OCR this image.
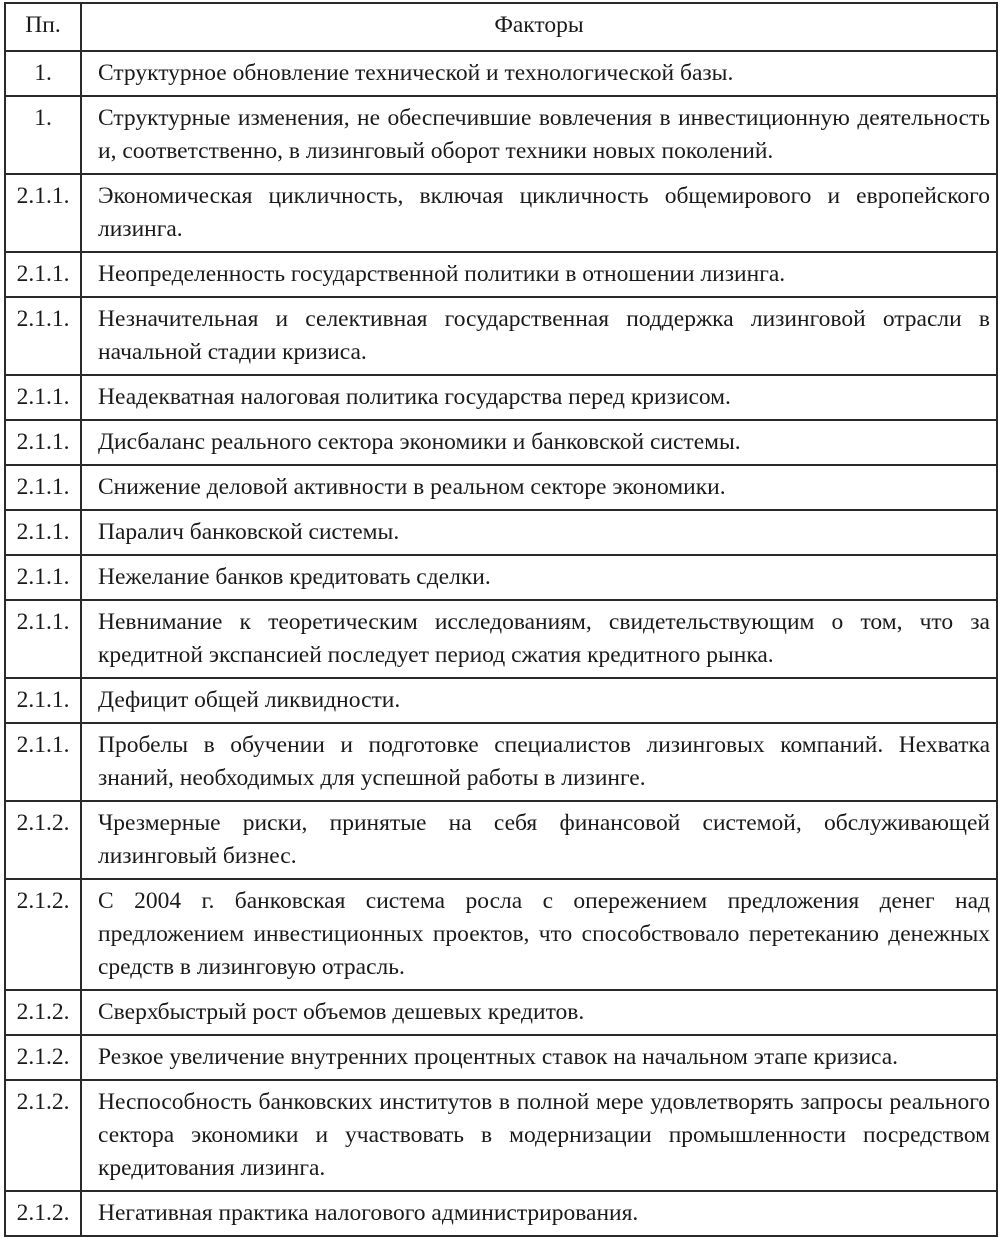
Пп.	Факторы
1.	Структурное обновление технической и технологической базы.
1.	Структурные изменения, не обеспечившие вовлечения в инвестиционную деятельность и, соответственно, в лизинговый оборот техники новых поколений.
2.1.1.	Экономическая цикличность, включая цикличность общемирового и европейского лизинга.
2.1.1.	Неопределенность государственной политики в отношении лизинга.
2.1.1.	Незначительная и селективная государственная поддержка лизинговой отрасли в начальной стадии кризиса.
2.1.1.	Неадекватная налоговая политика государства перед кризисом.
2.1.1.	Дисбаланс реального сектора экономики и банковской системы.
2.1.1.	Снижение деловой активности в реальном секторе экономики.
2.1.1.	Паралич банковской системы.
2.1.1.	Нежелание банков кредитовать сделки.
2.1.1.	Невнимание к теоретическим исследованиям, свидетельствующим о том, что за кредитной экспансией последует период сжатия кредитного рынка.
2.1.1.	Дефицит общей ликвидности.
2.1.1.	Пробелы в обучении и подготовке специалистов лизинговых компаний. Нехватка знаний, необходимых для успешной работы в лизинге.
2.1.2.	Чрезмерные риски, принятые на себя финансовой системой, обслуживающей лизинговый бизнес.
2.1.2.	С 2004 г. банковская система росла с опережением предложения денег над предложением инвестиционных проектов, что способствовало перетеканию денежных средств в лизинговую отрасль.
2.1.2.	Сверхбыстрый рост объемов дешевых кредитов.
2.1.2.	Резкое увеличение внутренних процентных ставок на начальном этапе кризиса.
2.1.2.	Неспособность банковских институтов в полной мере удовлетворять запросы реального сектора экономики и участвовать в модернизации промышленности посредством кредитования лизинга.
2.1.2.	Негативная практика налогового администрирования.
